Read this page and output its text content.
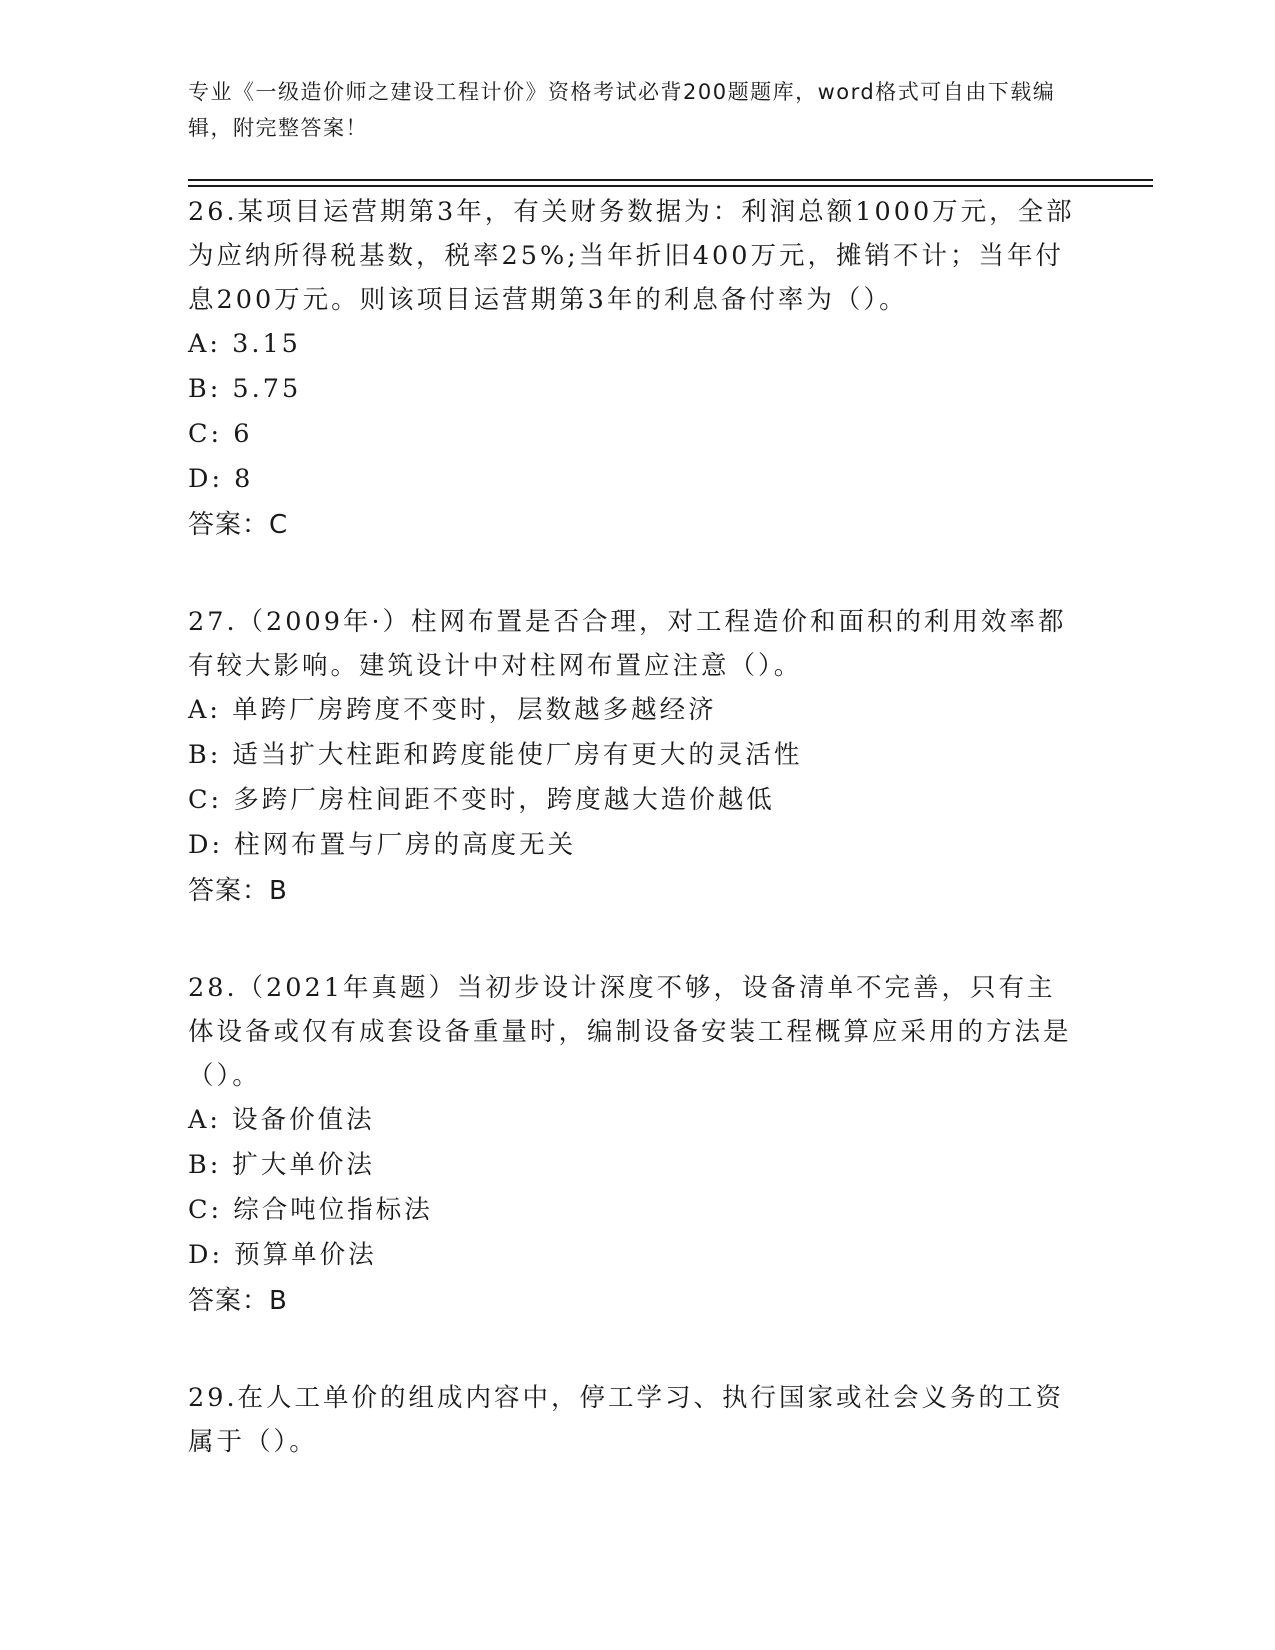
专业《一级造价师之建设工程计价》资格考试必背200题题库，word格式可自由下载编辑，附完整答案！
26.某项目运营期第3年，有关财务数据为：利润总额1000万元，全部为应纳所得税基数，税率25%;当年折旧400万元，摊销不计；当年付息200万元。则该项目运营期第3年的利息备付率为（）。
A: 3.15
B: 5.75
C: 6
D: 8
答案：C
27.（2009年·）柱网布置是否合理，对工程造价和面积的利用效率都有较大影响。建筑设计中对柱网布置应注意（）。
A: 单跨厂房跨度不变时，层数越多越经济
B: 适当扩大柱距和跨度能使厂房有更大的灵活性
C: 多跨厂房柱间距不变时，跨度越大造价越低
D: 柱网布置与厂房的高度无关
答案：B
28.（2021年真题）当初步设计深度不够，设备清单不完善，只有主体设备或仅有成套设备重量时，编制设备安装工程概算应采用的方法是（）。
A: 设备价值法
B: 扩大单价法
C: 综合吨位指标法
D: 预算单价法
答案：B
29.在人工单价的组成内容中，停工学习、执行国家或社会义务的工资属于（）。
